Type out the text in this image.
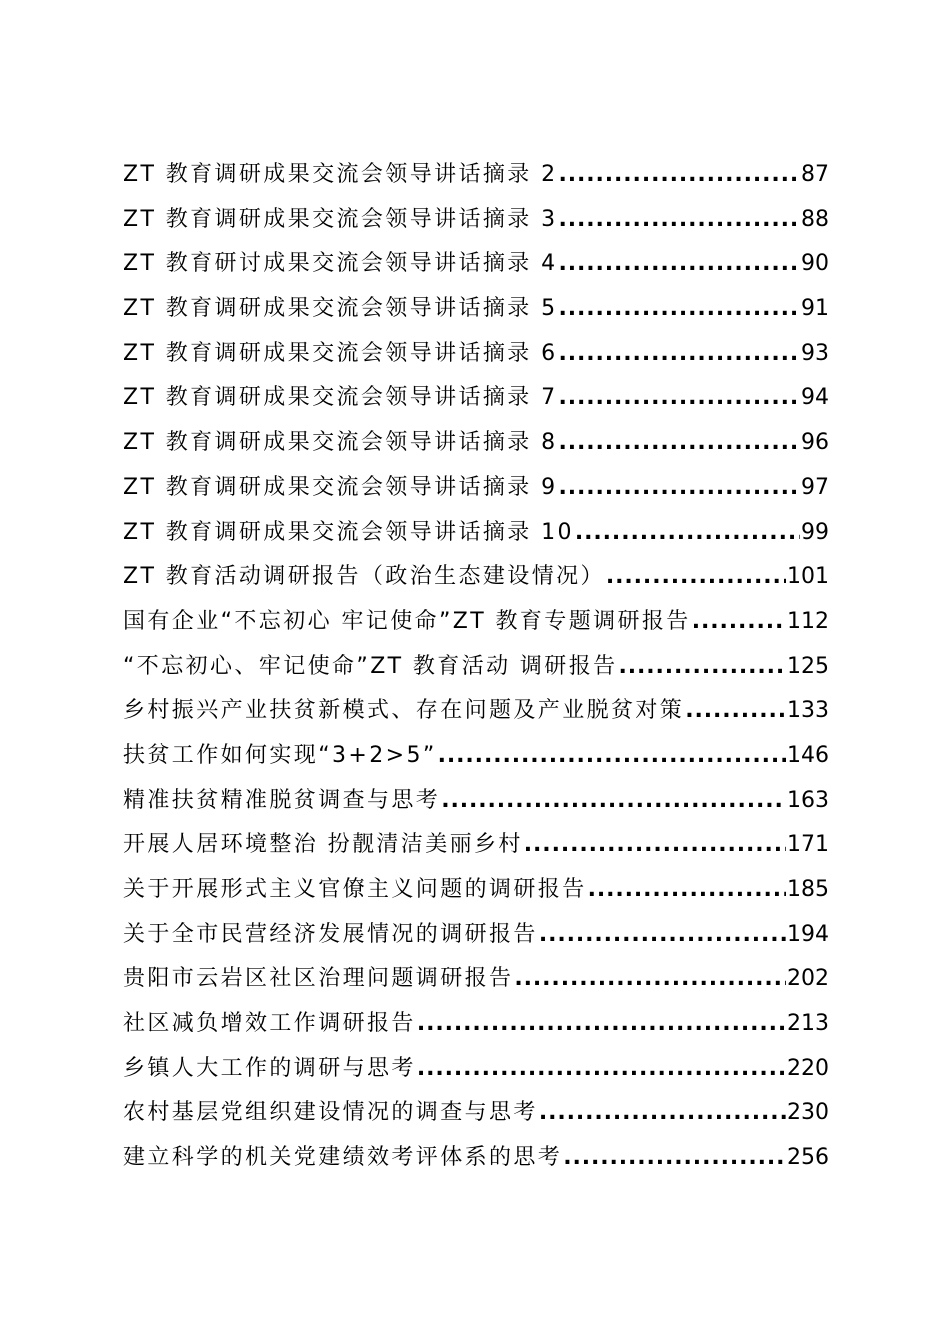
ZT 教育调研成果交流会领导讲话摘录 2 .....	87
ZT 教育调研成果交流会领导讲话摘录 3 .....	88
ZT 教育研讨成果交流会领导讲话摘录 4 .....	90
ZT 教育调研成果交流会领导讲话摘录 5 .....	91
ZT 教育调研成果交流会领导讲话摘录 6 .....	93
ZT 教育调研成果交流会领导讲话摘录 7 .....	94
ZT 教育调研成果交流会领导讲话摘录 8 .....	96
ZT 教育调研成果交流会领导讲话摘录 9 .....	97
ZT 教育调研成果交流会领导讲话摘录 10 .....	99
ZT 教育活动调研报告（政治生态建设情况） .....	101
国有企业“不忘初心 牢记使命”ZT 教育专题调研报告 .....	112
“不忘初心、牢记使命”ZT 教育活动 调研报告 .....	125
乡村振兴产业扶贫新模式、存在问题及产业脱贫对策 .....	133
扶贫工作如何实现“3+2>5” .....	146
精准扶贫精准脱贫调查与思考 .....	163
开展人居环境整治 扮靓清洁美丽乡村 .....	171
关于开展形式主义官僚主义问题的调研报告 .....	185
关于全市民营经济发展情况的调研报告 .....	194
贵阳市云岩区社区治理问题调研报告 .....	202
社区减负增效工作调研报告 .....	213
乡镇人大工作的调研与思考 .....	220
农村基层党组织建设情况的调查与思考 .....	230
建立科学的机关党建绩效考评体系的思考 .....	256
